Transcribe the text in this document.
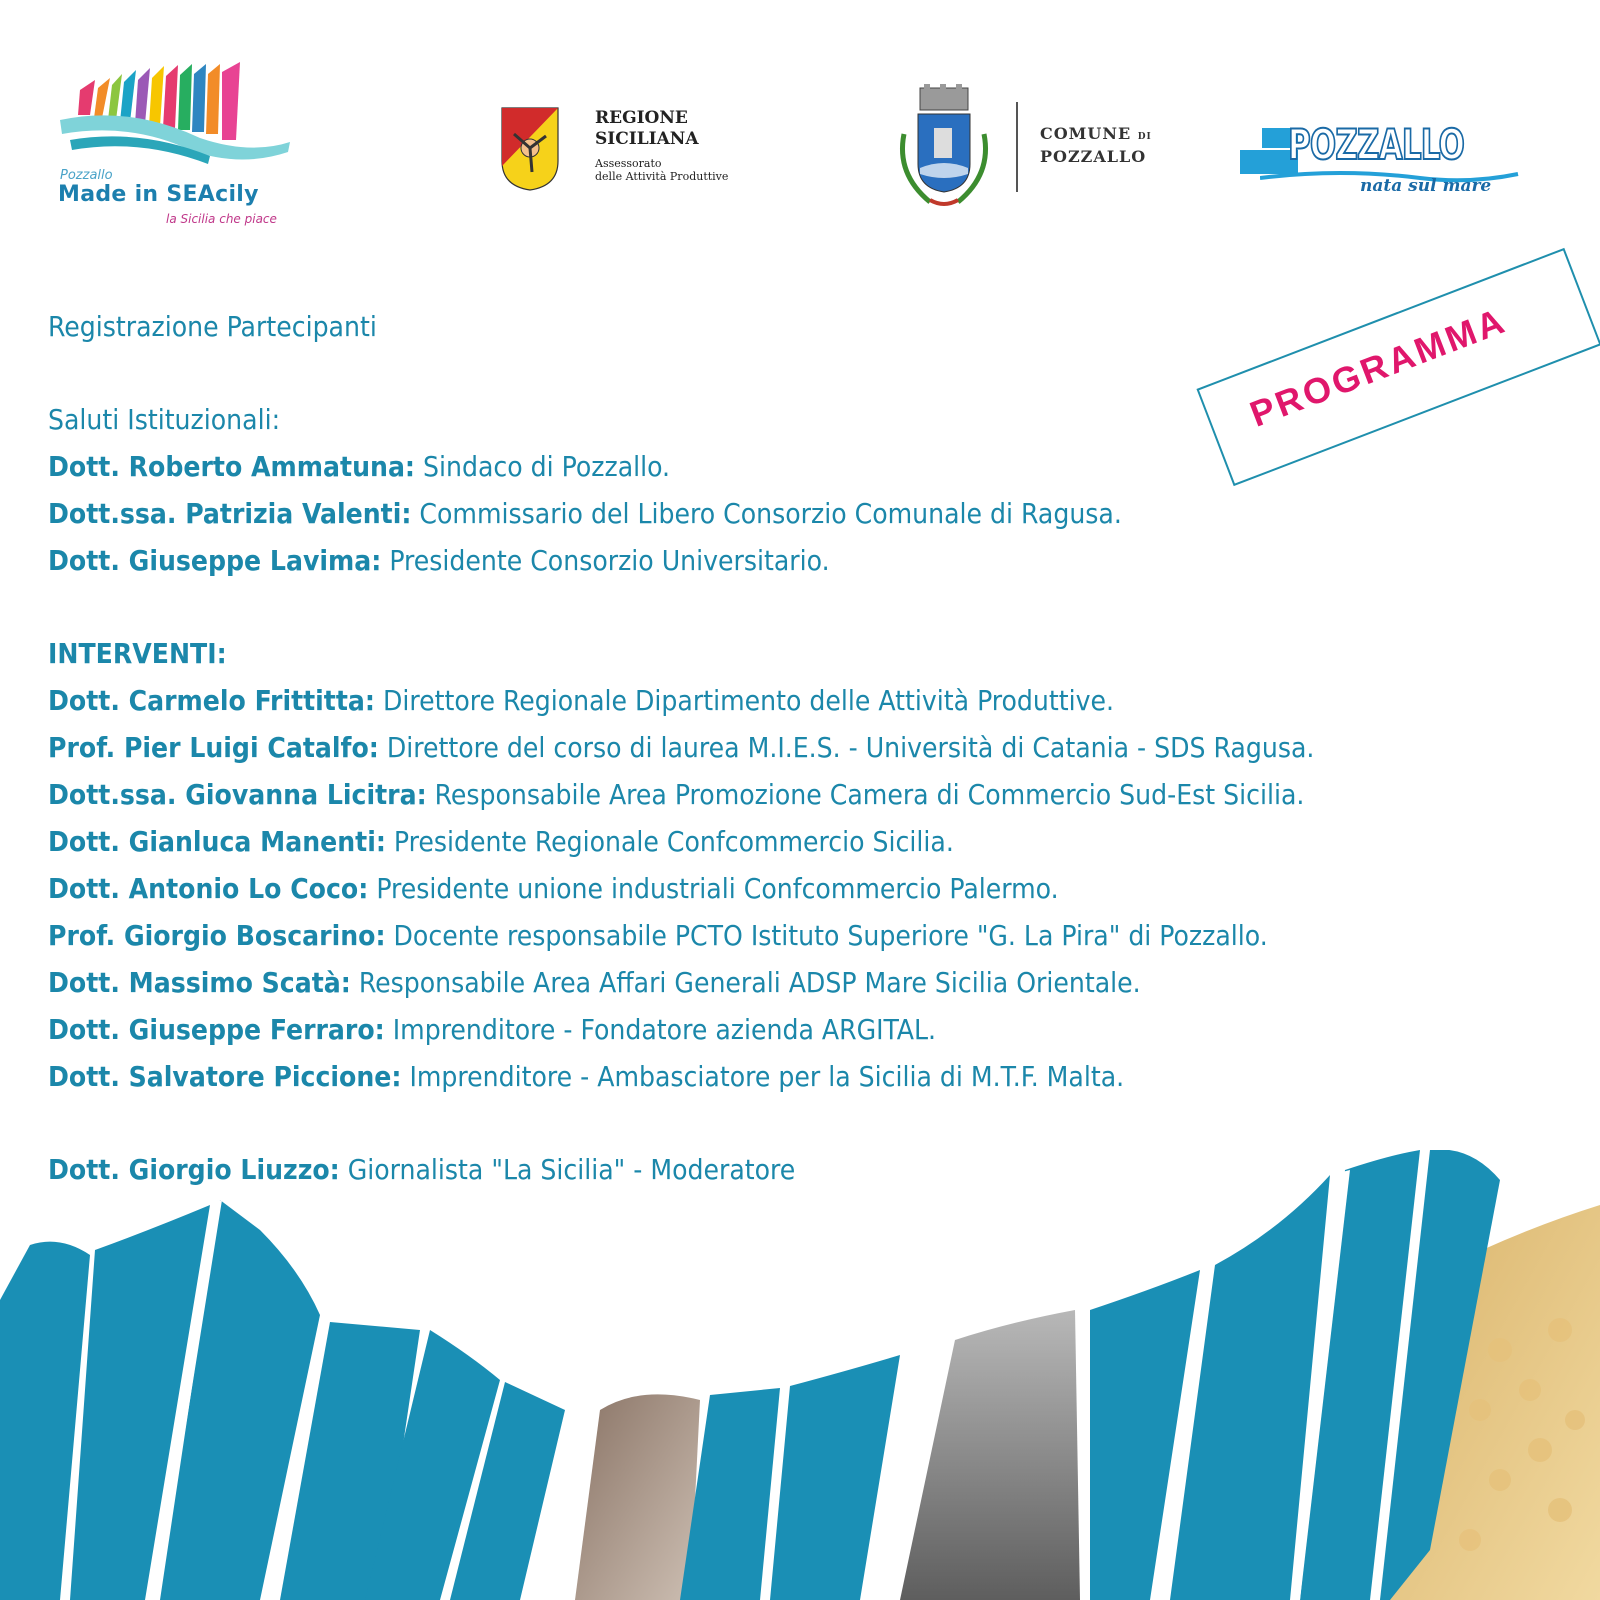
Pozzallo
Made in SEAcily
la Sicilia che piace
REGIONE
SICILIANA
Assessorato
delle Attività Produttive
COMUNE DI
POZZALLO	POZZALLO
nata sul mare
PROGRAMMA
Registrazione Partecipanti
Saluti Istituzionali:
Dott. Roberto Ammatuna: Sindaco di Pozzallo.
Dott.ssa. Patrizia Valenti: Commissario del Libero Consorzio Comunale di Ragusa.
Dott. Giuseppe Lavima: Presidente Consorzio Universitario.
INTERVENTI:
Dott. Carmelo Frittitta: Direttore Regionale Dipartimento delle Attività Produttive.
Prof. Pier Luigi Catalfo: Direttore del corso di laurea M.I.E.S. - Università di Catania - SDS Ragusa.
Dott.ssa. Giovanna Licitra: Responsabile Area Promozione Camera di Commercio Sud-Est Sicilia.
Dott. Gianluca Manenti: Presidente Regionale Confcommercio Sicilia.
Dott. Antonio Lo Coco: Presidente unione industriali Confcommercio Palermo.
Prof. Giorgio Boscarino: Docente responsabile PCTO Istituto Superiore "G. La Pira" di Pozzallo.
Dott. Massimo Scatà: Responsabile Area Affari Generali ADSP Mare Sicilia Orientale.
Dott. Giuseppe Ferraro: Imprenditore - Fondatore azienda ARGITAL.
Dott. Salvatore Piccione: Imprenditore - Ambasciatore per la Sicilia di M.T.F. Malta.
Dott. Giorgio Liuzzo: Giornalista "La Sicilia" - Moderatore
